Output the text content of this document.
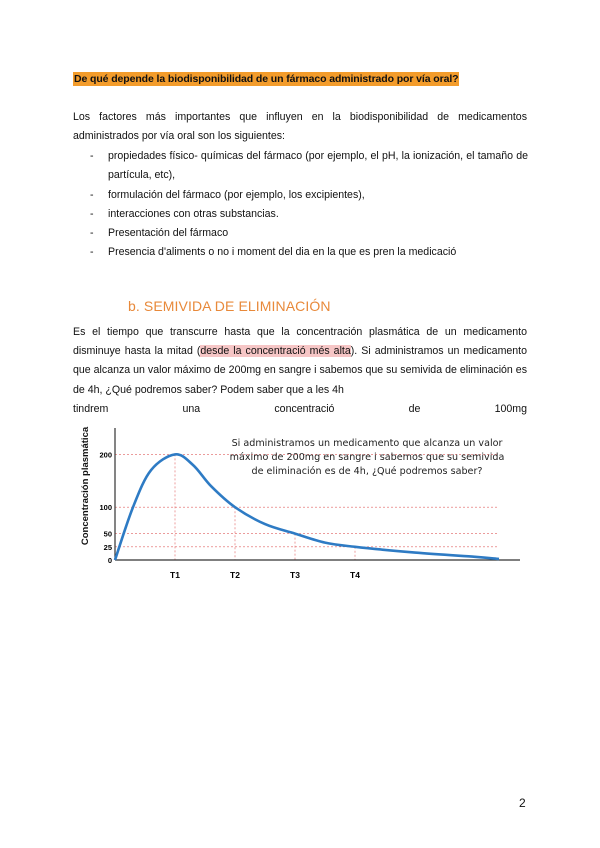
De qué depende la biodisponibilidad de un fármaco administrado por vía oral?
Los factores más importantes que influyen en la biodisponibilidad de medicamentos administrados por vía oral son los siguientes:
- propiedades físico- químicas del fármaco (por ejemplo, el pH, la ionización, el tamaño de partícula, etc),
- formulación del fármaco (por ejemplo, los excipientes),
- interacciones con otras substancias.
- Presentación del fármaco
- Presencia d'aliments o no i moment del dia en la que es pren la medicació
b. SEMIVIDA DE ELIMINACIÓN
Es el tiempo que transcurre hasta que la concentración plasmática de un medicamento disminuye hasta la mitad (desde la concentració més alta). Si administramos un medicamento que alcanza un valor máximo de 200mg en sangre i sabemos que su semivida de eliminación es de 4h, ¿Qué podremos saber? Podem saber que a les 4h
tindrem una concentració de 100mg
0
25
50
100
200
T1	T2	T3	T4
Concentración plasmática	Si administramos un medicamento que alcanza un valor
máximo de 200mg en sangre i sabemos que su semivida
de eliminación es de 4h, ¿Qué podremos saber?
2
